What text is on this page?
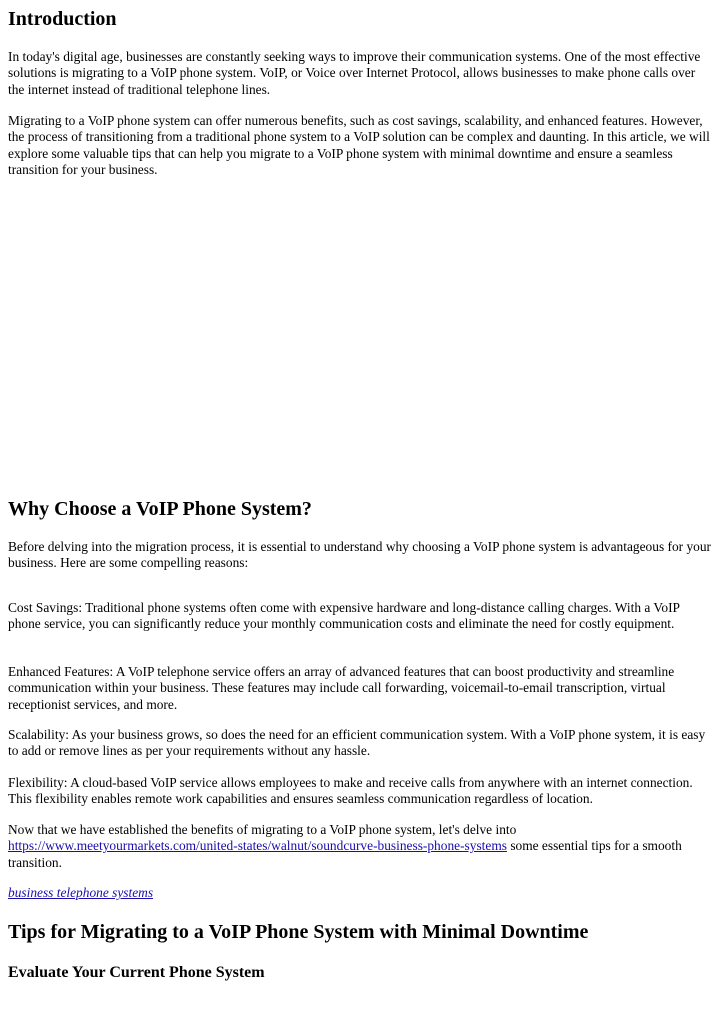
Introduction

In today's digital age, businesses are constantly seeking ways to improve their communication systems. One of the most effective solutions is migrating to a VoIP phone system. VoIP, or Voice over Internet Protocol, allows businesses to make phone calls over the internet instead of traditional telephone lines.

Migrating to a VoIP phone system can offer numerous benefits, such as cost savings, scalability, and enhanced features. However, the process of transitioning from a traditional phone system to a VoIP solution can be complex and daunting. In this article, we will explore some valuable tips that can help you migrate to a VoIP phone system with minimal downtime and ensure a seamless transition for your business.

Why Choose a VoIP Phone System?

Before delving into the migration process, it is essential to understand why choosing a VoIP phone system is advantageous for your business. Here are some compelling reasons:

Cost Savings: Traditional phone systems often come with expensive hardware and long-distance calling charges. With a VoIP phone service, you can significantly reduce your monthly communication costs and eliminate the need for costly equipment.

Enhanced Features: A VoIP telephone service offers an array of advanced features that can boost productivity and streamline communication within your business. These features may include call forwarding, voicemail-to-email transcription, virtual receptionist services, and more.

Scalability: As your business grows, so does the need for an efficient communication system. With a VoIP phone system, it is easy to add or remove lines as per your requirements without any hassle.

Flexibility: A cloud-based VoIP service allows employees to make and receive calls from anywhere with an internet connection. This flexibility enables remote work capabilities and ensures seamless communication regardless of location.

Now that we have established the benefits of migrating to a VoIP phone system, let's delve into https://www.meetyourmarkets.com/united-states/walnut/soundcurve-business-phone-systems some essential tips for a smooth transition.

business telephone systems

Tips for Migrating to a VoIP Phone System with Minimal Downtime
Evaluate Your Current Phone System
